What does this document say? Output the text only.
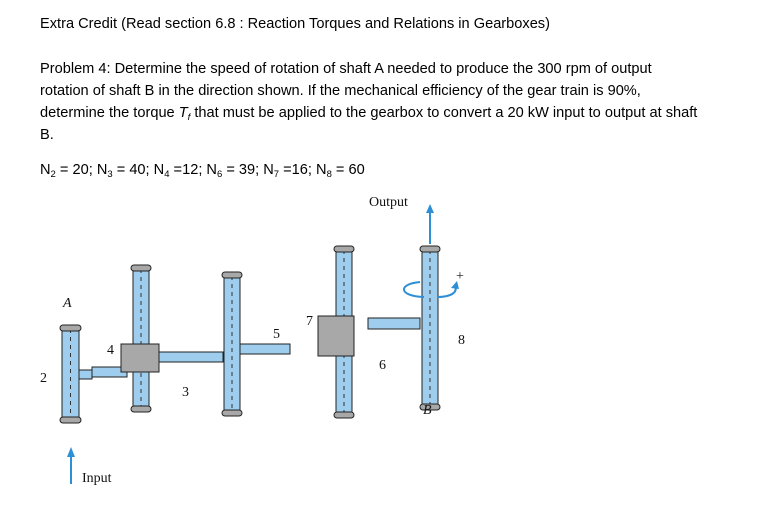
Extra Credit (Read section 6.8 : Reaction Torques and Relations in Gearboxes)
Problem 4: Determine the speed of rotation of shaft A needed to produce the 300 rpm of output
rotation of shaft B in the direction shown. If the mechanical efficiency of the gear train is 90%,
determine the torque $T_f$ that must be applied to the gearbox to convert a 20 kW input to output at shaft
B.
$N_2 = 20$; $N_3 = 40$; $N_4 =12$; $N_6 = 39$; $N_7 =16$; $N_8 = 60$
Output
Input
A
B
2
3
4
5
6
7
8
+
